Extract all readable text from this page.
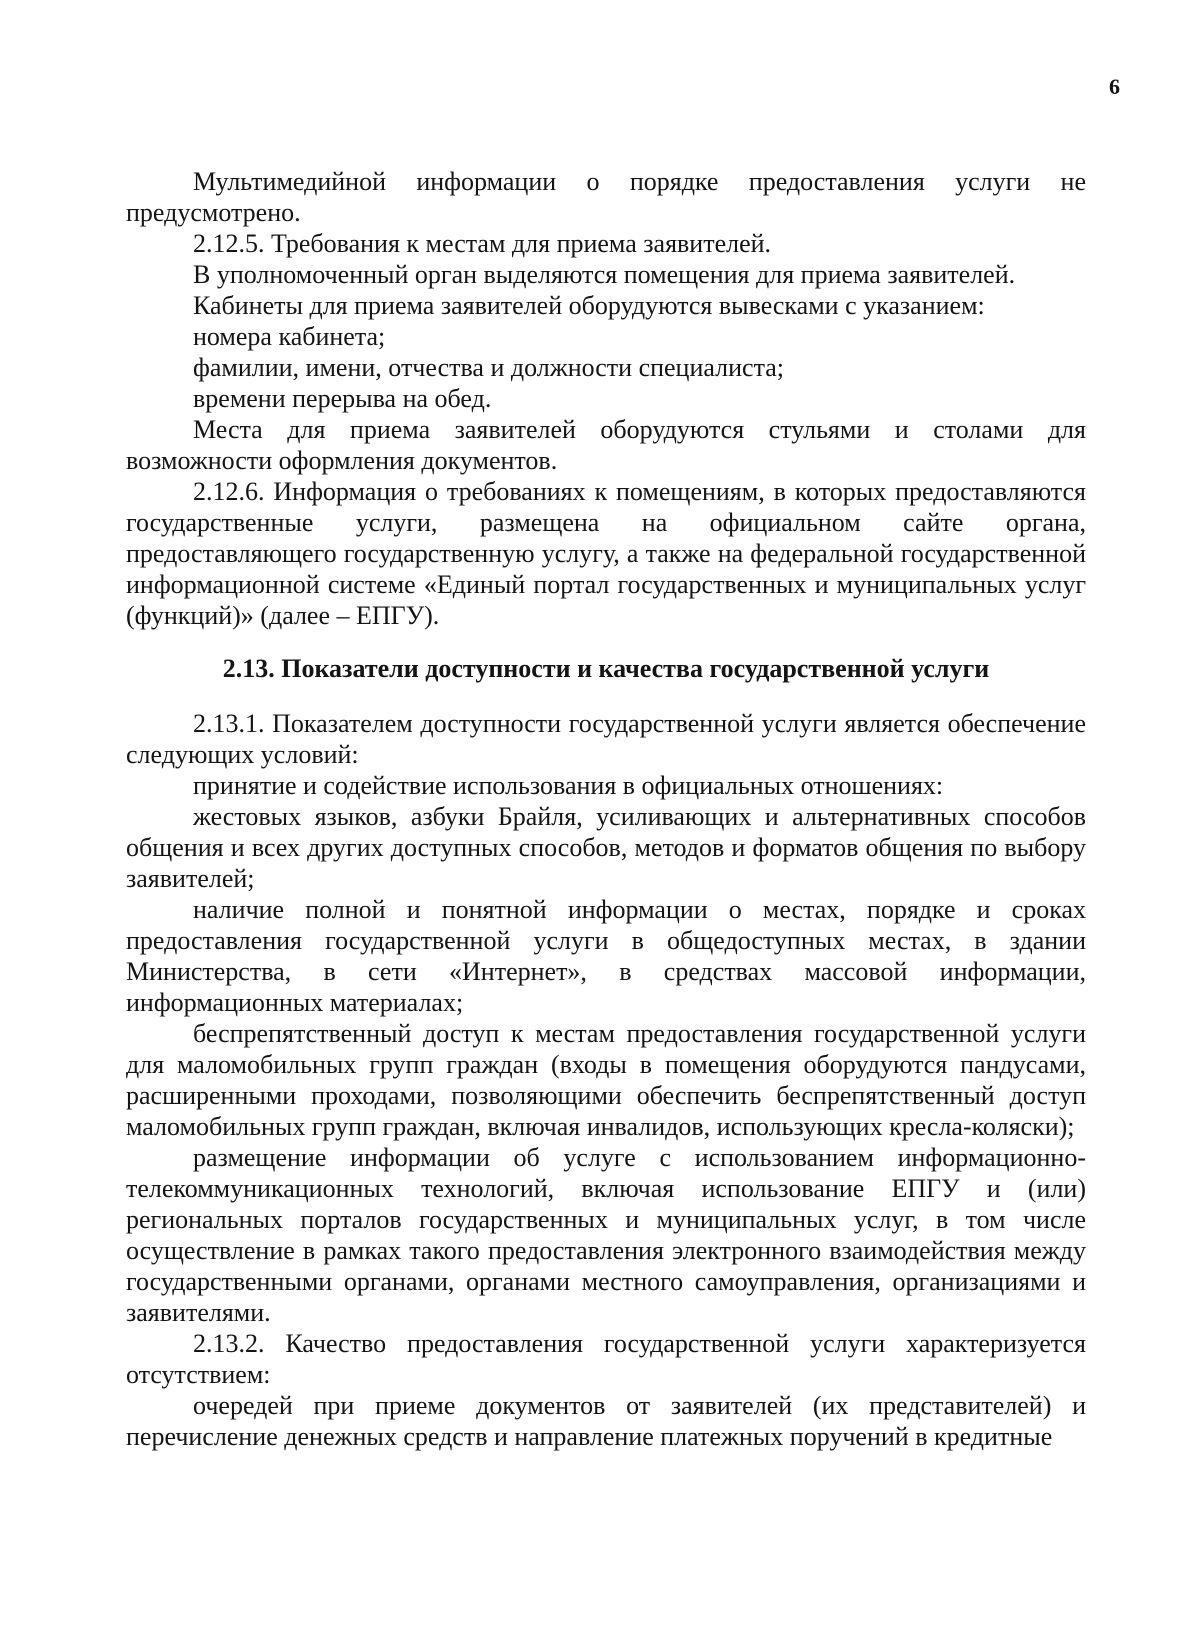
6

Мультимедийной информации о порядке предоставления услуги не предусмотрено.

2.12.5. Требования к местам для приема заявителей.

В уполномоченный орган выделяются помещения для приема заявителей.

Кабинеты для приема заявителей оборудуются вывесками с указанием:

номера кабинета;

фамилии, имени, отчества и должности специалиста;

времени перерыва на обед.

Места для приема заявителей оборудуются стульями и столами для возможности оформления документов.

2.12.6. Информация о требованиях к помещениям, в которых предоставляются государственные услуги, размещена на официальном сайте органа, предоставляющего государственную услугу, а также на федеральной государственной информационной системе «Единый портал государственных и муниципальных услуг (функций)» (далее – ЕПГУ).

2.13. Показатели доступности и качества государственной услуги

2.13.1. Показателем доступности государственной услуги является обеспечение следующих условий:

принятие и содействие использования в официальных отношениях:

жестовых языков, азбуки Брайля, усиливающих и альтернативных способов общения и всех других доступных способов, методов и форматов общения по выбору заявителей;

наличие полной и понятной информации о местах, порядке и сроках предоставления государственной услуги в общедоступных местах, в здании Министерства, в сети «Интернет», в средствах массовой информации, информационных материалах;

беспрепятственный доступ к местам предоставления государственной услуги для маломобильных групп граждан (входы в помещения оборудуются пандусами, расширенными проходами, позволяющими обеспечить беспрепятственный доступ маломобильных групп граждан, включая инвалидов, использующих кресла-коляски);

размещение информации об услуге с использованием информационно-телекоммуникационных технологий, включая использование ЕПГУ и (или) региональных порталов государственных и муниципальных услуг, в том числе осуществление в рамках такого предоставления электронного взаимодействия между государственными органами, органами местного самоуправления, организациями и заявителями.

2.13.2. Качество предоставления государственной услуги характеризуется отсутствием:

очередей при приеме документов от заявителей (их представителей) и перечисление денежных средств и направление платежных поручений в кредитные
